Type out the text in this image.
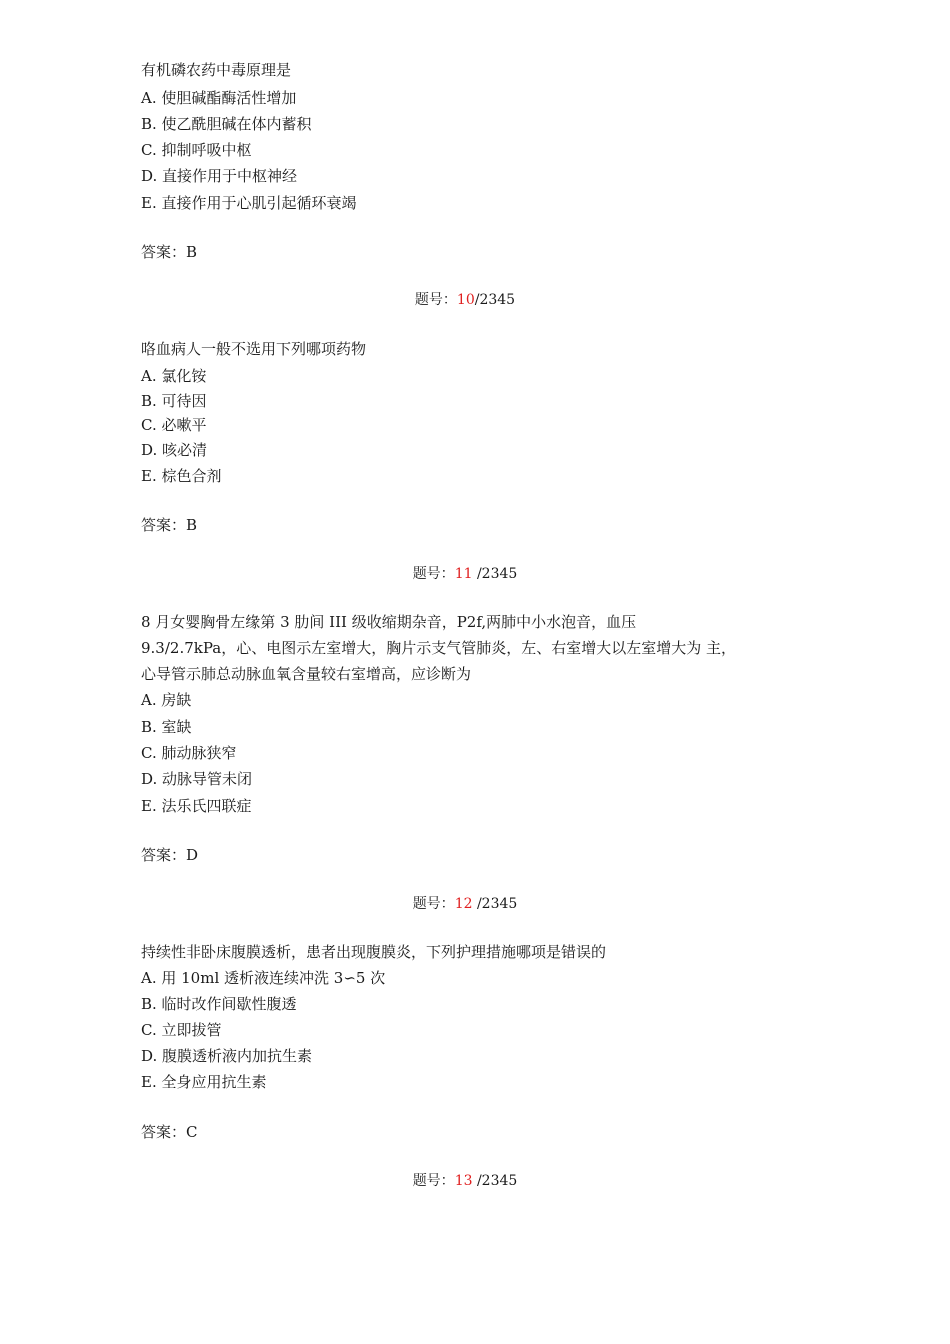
有机磷农药中毒原理是
A. 使胆碱酯酶活性增加
B. 使乙酰胆碱在体内蓄积
C. 抑制呼吸中枢
D. 直接作用于中枢神经
E. 直接作用于心肌引起循环衰竭
答案：B
题号：10/2345
咯血病人一般不选用下列哪项药物
A. 氯化铵
B. 可待因
C. 必嗽平
D. 咳必清
E. 棕色合剂
答案：B
题号：11 /2345
8 月女婴胸骨左缘第 3 肋间 III 级收缩期杂音，P2f,两肺中小水泡音，血压
9.3/2.7kPa，心、电图示左室增大，胸片示支气管肺炎，左、右室增大以左室增大为 主，
心导管示肺总动脉血氧含量较右室增高，应诊断为
A. 房缺
B. 室缺
C. 肺动脉狭窄
D. 动脉导管未闭
E. 法乐氏四联症
答案：D
题号：12 /2345
持续性非卧床腹膜透析，患者出现腹膜炎，下列护理措施哪项是错误的
A. 用 10ml 透析液连续冲洗 3∽5 次
B. 临时改作间歇性腹透
C. 立即拔管
D. 腹膜透析液内加抗生素
E. 全身应用抗生素
答案：C
题号：13 /2345
